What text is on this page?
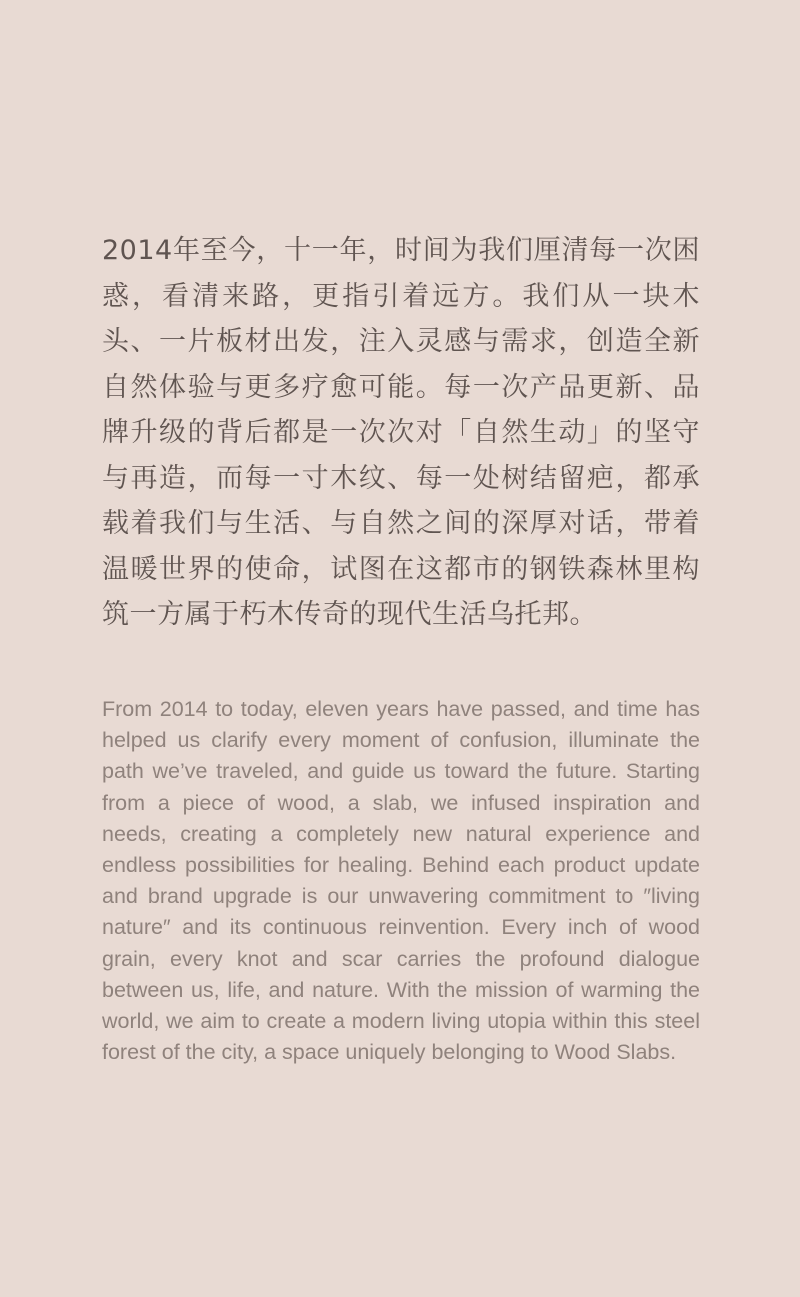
2014年至今，十一年，时间为我们厘清每一次困惑，看清来路，更指引着远方。我们从一块木头、一片板材出发，注入灵感与需求，创造全新自然体验与更多疗愈可能。每一次产品更新、品牌升级的背后都是一次次对「自然生动」的坚守与再造，而每一寸木纹、每一处树结留疤，都承载着我们与生活、与自然之间的深厚对话，带着温暖世界的使命，试图在这都市的钢铁森林里构筑一方属于朽木传奇的现代生活乌托邦。

From 2014 to today, eleven years have passed, and time has helped us clarify every moment of confusion, illuminate the path we’ve traveled, and guide us toward the future. Starting from a piece of wood, a slab, we infused inspiration and needs, creating a completely new natural experience and endless possibilities for healing. Behind each product update and brand upgrade is our unwavering commitment to ″living nature″ and its continuous reinvention. Every inch of wood grain, every knot and scar carries the profound dialogue between us, life, and nature. With the mission of warming the world, we aim to create a modern living utopia within this steel forest of the city, a space uniquely belonging to Wood Slabs.
